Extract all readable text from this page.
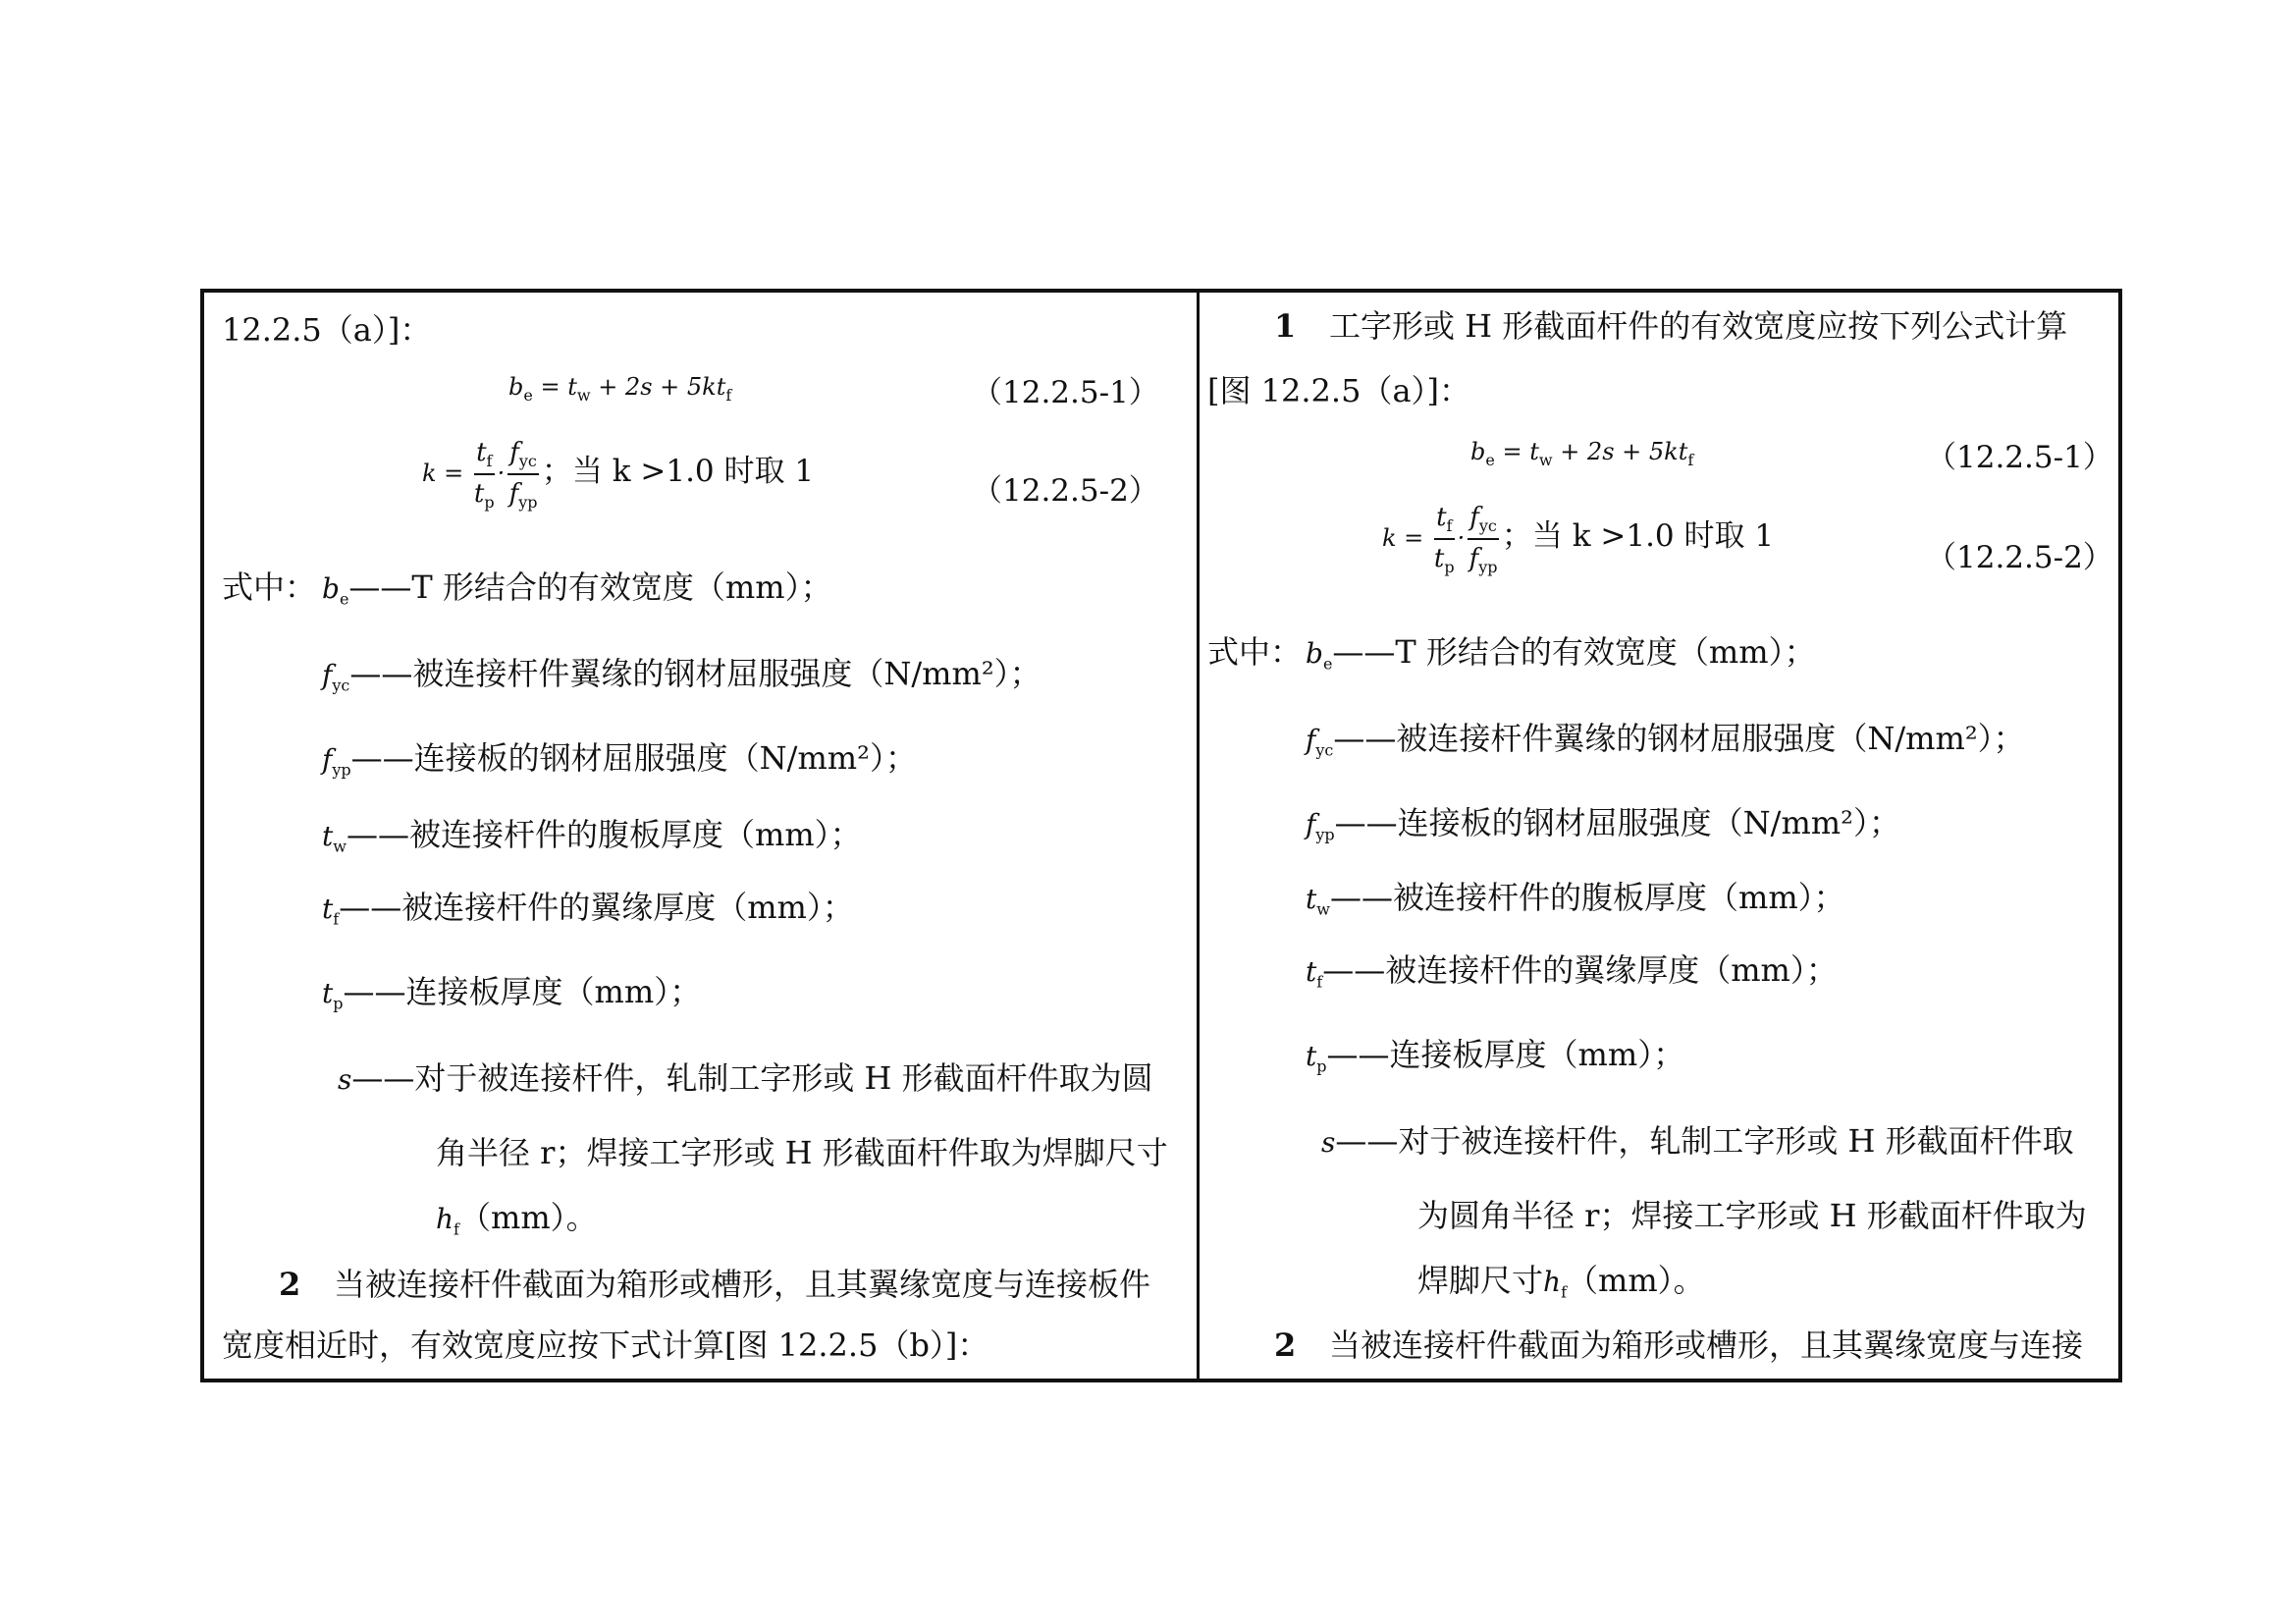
12.2.5（a）]：
$b_e = t_w + 2s + 5kt_f$	（12.2.5-1）
$k = \frac{t_f}{t_p} \cdot \frac{f_{yc}}{f_{yp}}$ ；当 k >1.0 时取 1
（12.2.5-2）
式中： $b_e——T$ 形结合的有效宽度（mm）；
$f_{yc}——$被连接杆件翼缘的钢材屈服强度（N/mm²）；
$f_{yp}——$连接板的钢材屈服强度（N/mm²）；
$t_w——$被连接杆件的腹板厚度（mm）；
$t_f——$被连接杆件的翼缘厚度（mm）；
$t_p——$连接板厚度（mm）；
s——对于被连接杆件，轧制工字形或 H 形截面杆件取为圆
角半径 r；焊接工字形或 H 形截面杆件取为焊脚尺寸
$h_f(mm)$。
2 当被连接杆件截面为箱形或槽形，且其翼缘宽度与连接板件
宽度相近时，有效宽度应按下式计算[图 12.2.5（b）]：
1 工字形或 H 形截面杆件的有效宽度应按下列公式计算
[图 12.2.5（a）]：
$b_e = t_w + 2s + 5kt_f$	（12.2.5-1）
$k = \frac{t_f}{t_p} \cdot \frac{f_{yc}}{f_{yp}}$ ；当 k >1.0 时取 1
（12.2.5-2）
式中： $b_e——T$ 形结合的有效宽度（mm）；
$f_{yc}——$被连接杆件翼缘的钢材屈服强度（N/mm²）；
$f_{yp}——$连接板的钢材屈服强度（N/mm²）；
$t_w——$被连接杆件的腹板厚度（mm）；
$t_f——$被连接杆件的翼缘厚度（mm）；
$t_p——$连接板厚度（mm）；
s——对于被连接杆件，轧制工字形或 H 形截面杆件取
为圆角半径 r；焊接工字形或 H 形截面杆件取为
焊脚尺寸$h_f(mm)$。
2 当被连接杆件截面为箱形或槽形，且其翼缘宽度与连接
